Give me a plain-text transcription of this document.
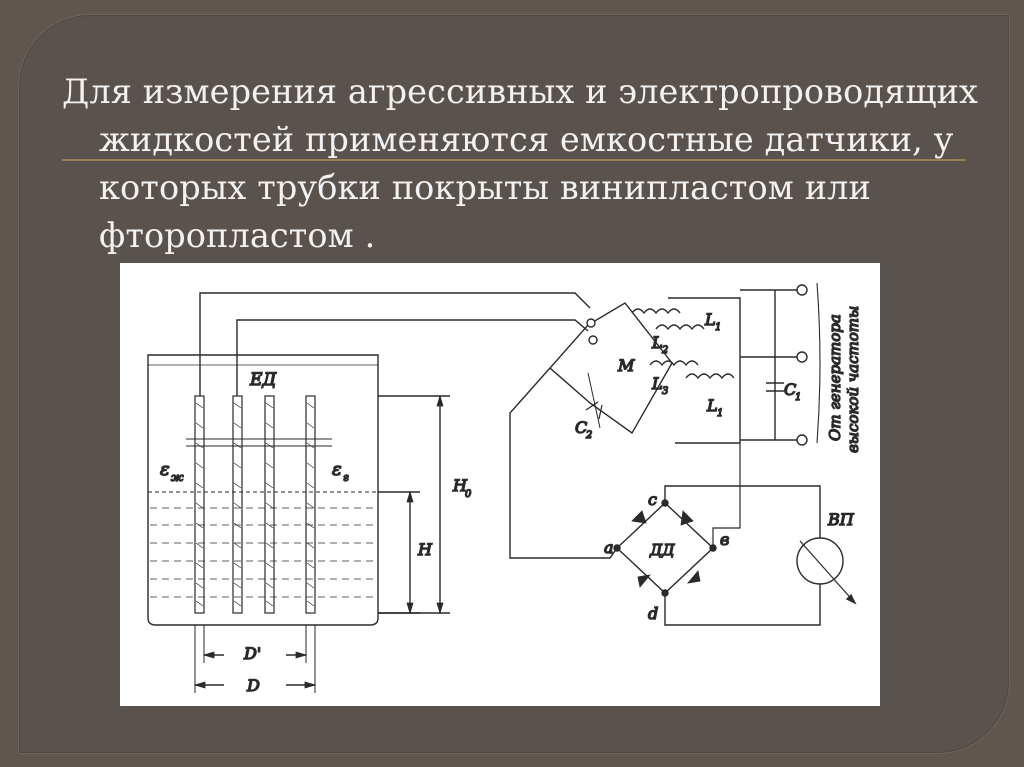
Для измерения агрессивных и электропроводящих
жидкостей применяются емкостные датчики, у
которых трубки покрыты винипластом или
фторопластом .

ЕД
ε ж	ε г	H
0
H
D'
D
M
L 1
L 2
L 3
L 1
C
1
C
2	От генератора высокой частоты
a	в
с
d
ДД
ВП
